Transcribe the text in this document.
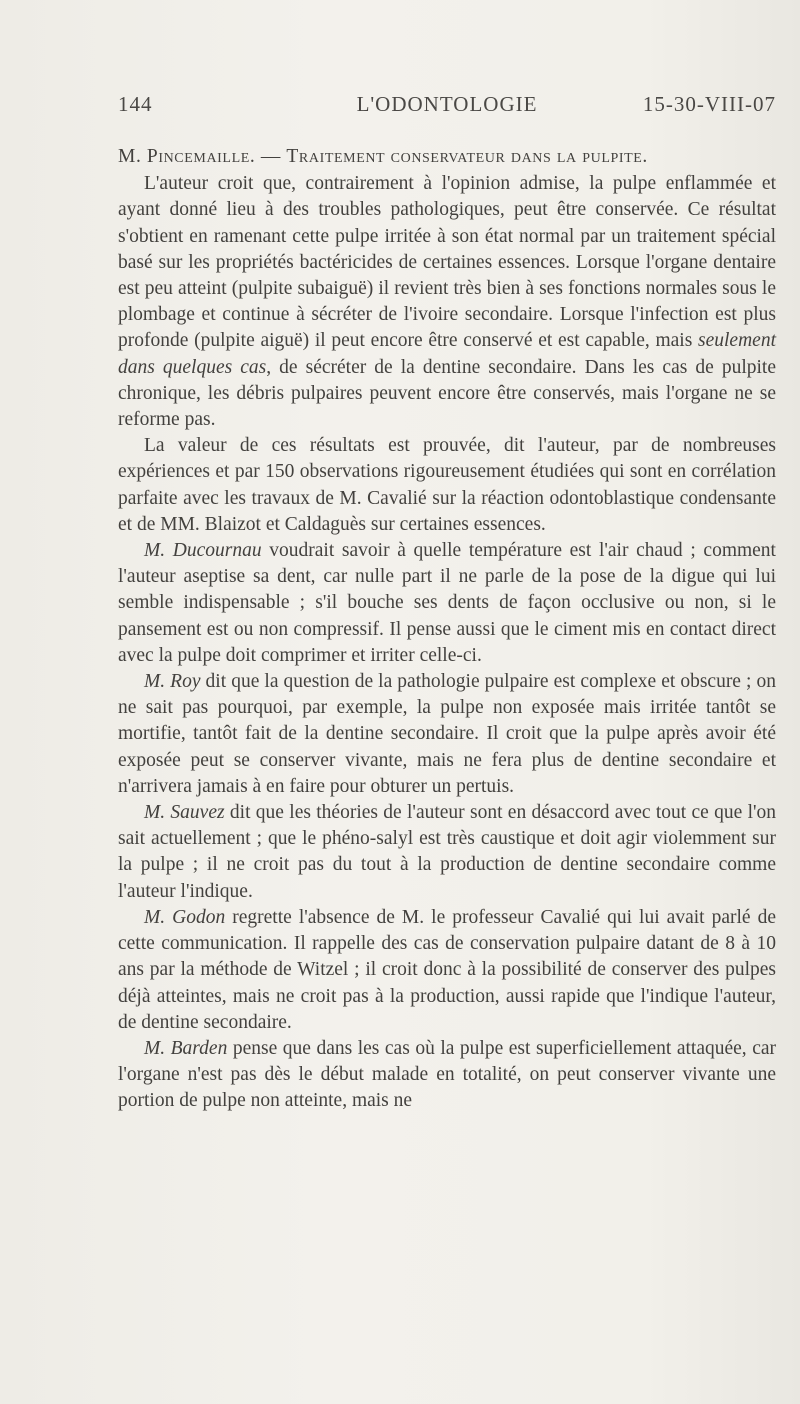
144	L'ODONTOLOGIE	15-30-VIII-07
M. Pincemaille. — Traitement conservateur dans la pulpite.

L'auteur croit que, contrairement à l'opinion admise, la pulpe enflammée et ayant donné lieu à des troubles pathologiques, peut être conservée. Ce résultat s'obtient en ramenant cette pulpe irritée à son état normal par un traitement spécial basé sur les propriétés bactéricides de certaines essences. Lorsque l'organe dentaire est peu atteint (pulpite subaiguë) il revient très bien à ses fonctions normales sous le plombage et continue à sécréter de l'ivoire secondaire. Lorsque l'infection est plus profonde (pulpite aiguë) il peut encore être conservé et est capable, mais seulement dans quelques cas, de sécréter de la dentine secondaire. Dans les cas de pulpite chronique, les débris pulpaires peuvent encore être conservés, mais l'organe ne se reforme pas.

La valeur de ces résultats est prouvée, dit l'auteur, par de nombreuses expériences et par 150 observations rigoureusement étudiées qui sont en corrélation parfaite avec les travaux de M. Cavalié sur la réaction odontoblastique condensante et de MM. Blaizot et Caldaguès sur certaines essences.

M. Ducournau voudrait savoir à quelle température est l'air chaud ; comment l'auteur aseptise sa dent, car nulle part il ne parle de la pose de la digue qui lui semble indispensable ; s'il bouche ses dents de façon occlusive ou non, si le pansement est ou non compressif. Il pense aussi que le ciment mis en contact direct avec la pulpe doit comprimer et irriter celle-ci.

M. Roy dit que la question de la pathologie pulpaire est complexe et obscure ; on ne sait pas pourquoi, par exemple, la pulpe non exposée mais irritée tantôt se mortifie, tantôt fait de la dentine secondaire. Il croit que la pulpe après avoir été exposée peut se conserver vivante, mais ne fera plus de dentine secondaire et n'arrivera jamais à en faire pour obturer un pertuis.

M. Sauvez dit que les théories de l'auteur sont en désaccord avec tout ce que l'on sait actuellement ; que le phéno-salyl est très caustique et doit agir violemment sur la pulpe ; il ne croit pas du tout à la production de dentine secondaire comme l'auteur l'indique.

M. Godon regrette l'absence de M. le professeur Cavalié qui lui avait parlé de cette communication. Il rappelle des cas de conservation pulpaire datant de 8 à 10 ans par la méthode de Witzel ; il croit donc à la possibilité de conserver des pulpes déjà atteintes, mais ne croit pas à la production, aussi rapide que l'indique l'auteur, de dentine secondaire.

M. Barden pense que dans les cas où la pulpe est superficiellement attaquée, car l'organe n'est pas dès le début malade en totalité, on peut conserver vivante une portion de pulpe non atteinte, mais ne
